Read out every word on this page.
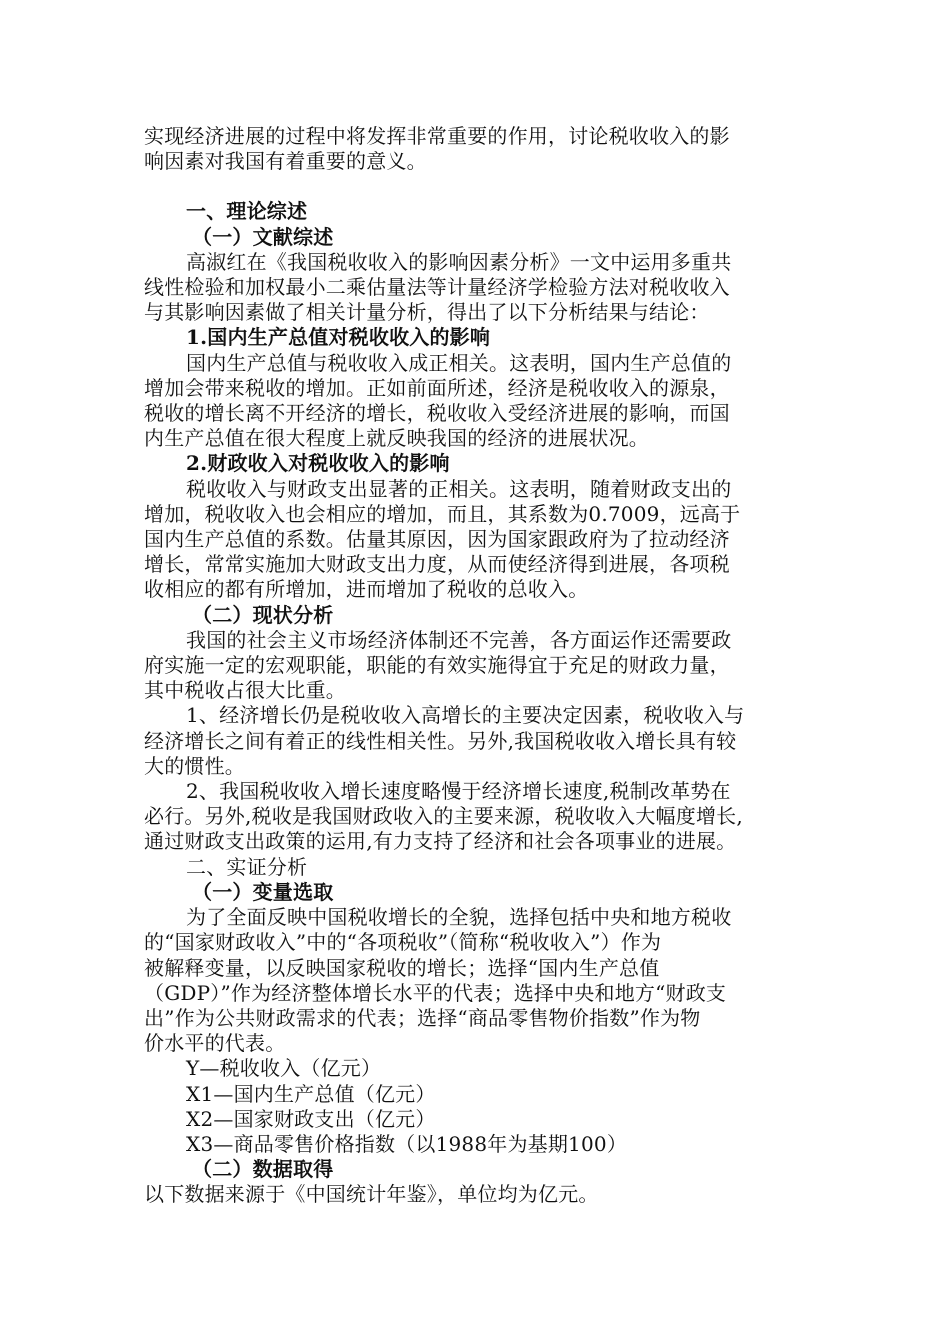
实现经济进展的过程中将发挥非常重要的作用，讨论税收收入的影
响因素对我国有着重要的意义。
一、理论综述
（一）文献综述
高淑红在《我国税收收入的影响因素分析》一文中运用多重共
线性检验和加权最小二乘估量法等计量经济学检验方法对税收收入
与其影响因素做了相关计量分析，得出了以下分析结果与结论：
1.国内生产总值对税收收入的影响
国内生产总值与税收收入成正相关。这表明，国内生产总值的
增加会带来税收的增加。正如前面所述，经济是税收收入的源泉，
税收的增长离不开经济的增长，税收收入受经济进展的影响，而国
内生产总值在很大程度上就反映我国的经济的进展状况。
2.财政收入对税收收入的影响
税收收入与财政支出显著的正相关。这表明，随着财政支出的
增加，税收收入也会相应的增加，而且，其系数为0.7009，远高于
国内生产总值的系数。估量其原因，因为国家跟政府为了拉动经济
增长，常常实施加大财政支出力度，从而使经济得到进展，各项税
收相应的都有所增加，进而增加了税收的总收入。
（二）现状分析
我国的社会主义市场经济体制还不完善，各方面运作还需要政
府实施一定的宏观职能，职能的有效实施得宜于充足的财政力量，
其中税收占很大比重。
1、经济增长仍是税收收入高增长的主要决定因素，税收收入与
经济增长之间有着正的线性相关性。另外,我国税收收入增长具有较
大的惯性。
2、我国税收收入增长速度略慢于经济增长速度,税制改革势在
必行。另外,税收是我国财政收入的主要来源，税收收入大幅度增长,
通过财政支出政策的运用,有力支持了经济和社会各项事业的进展。
二、实证分析
（一）变量选取
为了全面反映中国税收增长的全貌，选择包括中央和地方税收
的“国家财政收入”中的“各项税收”（简称“税收收入”）作为
被解释变量，以反映国家税收的增长；选择“国内生产总值
（GDP）”作为经济整体增长水平的代表；选择中央和地方“财政支
出”作为公共财政需求的代表；选择“商品零售物价指数”作为物
价水平的代表。
Y—税收收入（亿元）
X1—国内生产总值（亿元）
X2—国家财政支出（亿元）
X3—商品零售价格指数（以1988年为基期100）
（二）数据取得
以下数据来源于《中国统计年鉴》，单位均为亿元。
